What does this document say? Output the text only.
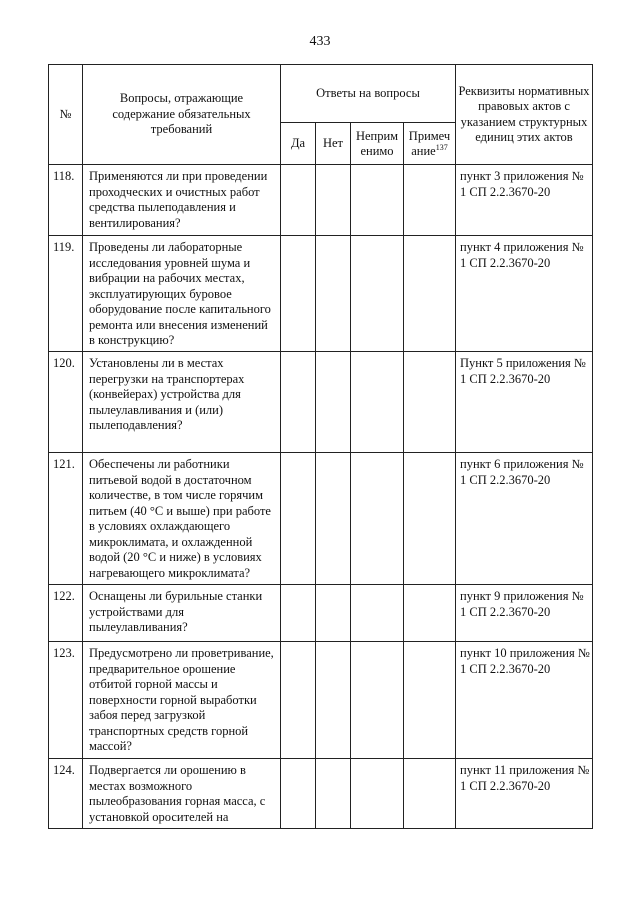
433
№	Вопросы, отражающие содержание обязательных требований	Ответы на вопросы				Реквизиты нормативных правовых актов с указанием структурных единиц этих актов
		Да	Нет	Неприм енимо	Примеч ание$^{137}$
118.	Применяются ли при проведении проходческих и очистных работ средства пылеподавления и вентилирования?					пункт 3 приложения № 1 СП 2.2.3670-20
119.	Проведены ли лабораторные исследования уровней шума и вибрации на рабочих местах, эксплуатирующих буровое оборудование после капитального ремонта или внесения изменений в конструкцию?					пункт 4 приложения № 1 СП 2.2.3670-20
120.	Установлены ли в местах перегрузки на транспортерах (конвейерах) устройства для пылеулавливания и (или) пылеподавления?					Пункт 5 приложения № 1 СП 2.2.3670-20
121.	Обеспечены ли работники питьевой водой в достаточном количестве, в том числе горячим питьем (40 °С и выше) при работе в условиях охлаждающего микроклимата, и охлажденной водой (20 °С и ниже) в условиях нагревающего микроклимата?					пункт 6 приложения № 1 СП 2.2.3670-20
122.	Оснащены ли бурильные станки устройствами для пылеулавливания?					пункт 9 приложения № 1 СП 2.2.3670-20
123.	Предусмотрено ли проветривание, предварительное орошение отбитой горной массы и поверхности горной выработки забоя перед загрузкой транспортных средств горной массой?					пункт 10 приложения № 1 СП 2.2.3670-20
124.	Подвергается ли орошению в местах возможного пылеобразования горная масса, с установкой оросителей на					пункт 11 приложения № 1 СП 2.2.3670-20
